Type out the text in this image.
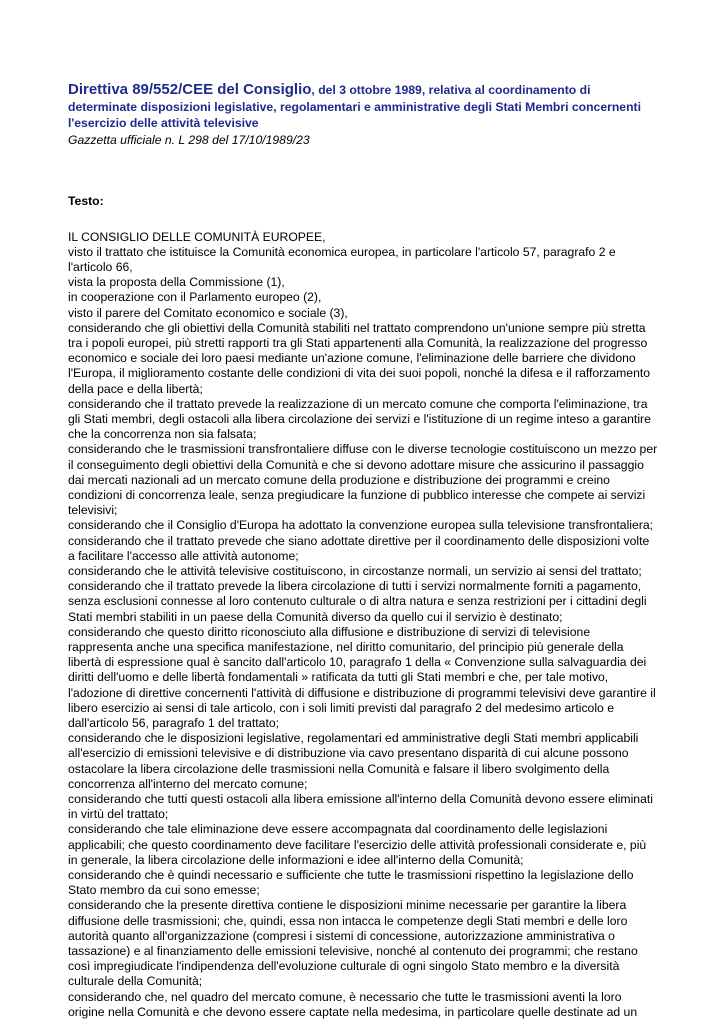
Direttiva 89/552/CEE del Consiglio, del 3 ottobre 1989, relativa al coordinamento di determinate disposizioni legislative, regolamentari e amministrative degli Stati Membri concernenti l'esercizio delle attività televisive
Gazzetta ufficiale n. L 298 del 17/10/1989/23
Testo:
IL CONSIGLIO DELLE COMUNITÀ EUROPEE,
visto il trattato che istituisce la Comunità economica europea, in particolare l'articolo 57, paragrafo 2 e l'articolo 66,
vista la proposta della Commissione (1),
in cooperazione con il Parlamento europeo (2),
visto il parere del Comitato economico e sociale (3),
considerando che gli obiettivi della Comunità stabiliti nel trattato comprendono un'unione sempre più stretta tra i popoli europei, più stretti rapporti tra gli Stati appartenenti alla Comunità, la realizzazione del progresso economico e sociale dei loro paesi mediante un'azione comune, l'eliminazione delle barriere che dividono l'Europa, il miglioramento costante delle condizioni di vita dei suoi popoli, nonché la difesa e il rafforzamento della pace e della libertà;
considerando che il trattato prevede la realizzazione di un mercato comune che comporta l'eliminazione, tra gli Stati membri, degli ostacoli alla libera circolazione dei servizi e l'istituzione di un regime inteso a garantire che la concorrenza non sia falsata;
considerando che le trasmissioni transfrontaliere diffuse con le diverse tecnologie costituiscono un mezzo per il conseguimento degli obiettivi della Comunità e che si devono adottare misure che assicurino il passaggio dai mercati nazionali ad un mercato comune della produzione e distribuzione dei programmi e creino condizioni di concorrenza leale, senza pregiudicare la funzione di pubblico interesse che compete ai servizi televisivi;
considerando che il Consiglio d'Europa ha adottato la convenzione europea sulla televisione transfrontaliera;
considerando che il trattato prevede che siano adottate direttive per il coordinamento delle disposizioni volte a facilitare l'accesso alle attività autonome;
considerando che le attività televisive costituiscono, in circostanze normali, un servizio ai sensi del trattato;
considerando che il trattato prevede la libera circolazione di tutti i servizi normalmente forniti a pagamento, senza esclusioni connesse al loro contenuto culturale o di altra natura e senza restrizioni per i cittadini degli Stati membri stabiliti in un paese della Comunità diverso da quello cui il servizio è destinato;
considerando che questo diritto riconosciuto alla diffusione e distribuzione di servizi di televisione rappresenta anche una specifica manifestazione, nel diritto comunitario, del principio più generale della libertà di espressione qual è sancito dall'articolo 10, paragrafo 1 della « Convenzione sulla salvaguardia dei diritti dell'uomo e delle libertà fondamentali » ratificata da tutti gli Stati membri e che, per tale motivo, l'adozione di direttive concernenti l'attività di diffusione e distribuzione di programmi televisivi deve garantire il libero esercizio ai sensi di tale articolo, con i soli limiti previsti dal paragrafo 2 del medesimo articolo e dall'articolo 56, paragrafo 1 del trattato;
considerando che le disposizioni legislative, regolamentari ed amministrative degli Stati membri applicabili all'esercizio di emissioni televisive e di distribuzione via cavo presentano disparità di cui alcune possono ostacolare la libera circolazione delle trasmissioni nella Comunità e falsare il libero svolgimento della concorrenza all'interno del mercato comune;
considerando che tutti questi ostacoli alla libera emissione all'interno della Comunità devono essere eliminati in virtù del trattato;
considerando che tale eliminazione deve essere accompagnata dal coordinamento delle legislazioni applicabili; che questo coordinamento deve facilitare l'esercizio delle attività professionali considerate e, più in generale, la libera circolazione delle informazioni e idee all'interno della Comunità;
considerando che è quindi necessario e sufficiente che tutte le trasmissioni rispettino la legislazione dello Stato membro da cui sono emesse;
considerando che la presente direttiva contiene le disposizioni minime necessarie per garantire la libera diffusione delle trasmissioni; che, quindi, essa non intacca le competenze degli Stati membri e delle loro autorità quanto all'organizzazione (compresi i sistemi di concessione, autorizzazione amministrativa o tassazione) e al finanziamento delle emissioni televisive, nonché al contenuto dei programmi; che restano così impregiudicate l'indipendenza dell'evoluzione culturale di ogni singolo Stato membro e la diversità culturale della Comunità;
considerando che, nel quadro del mercato comune, è necessario che tutte le trasmissioni aventi la loro origine nella Comunità e che devono essere captate nella medesima, in particolare quelle destinate ad un
